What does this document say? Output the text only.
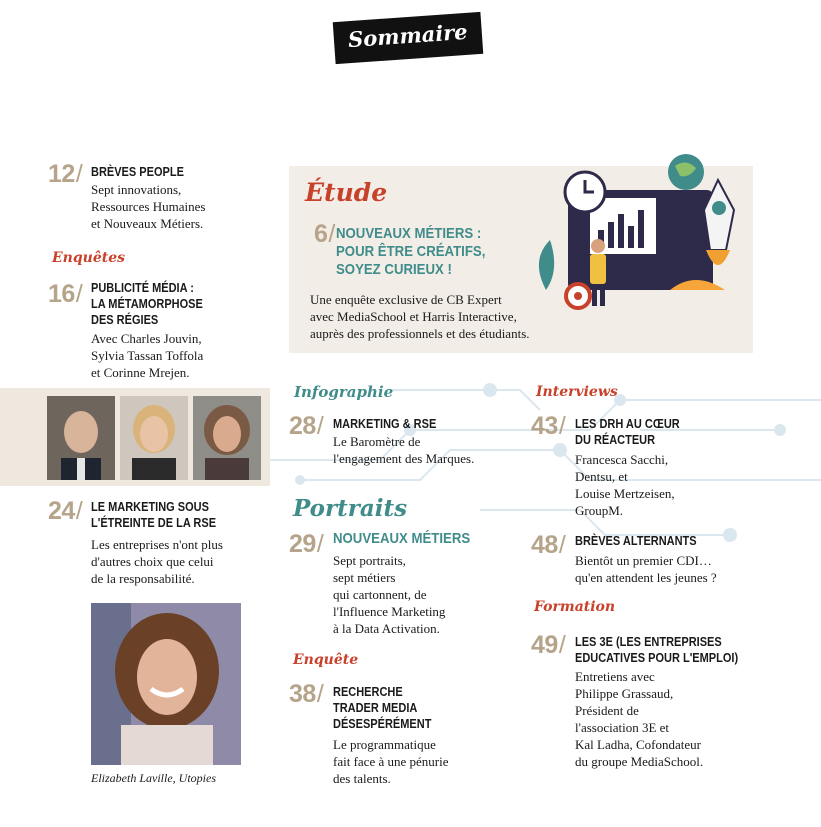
Sommaire
12/ BRÈVES PEOPLE
Sept innovations,
Ressources Humaines
et Nouveaux Métiers.
Enquêtes
16/ PUBLICITÉ MÉDIA :
LA MÉTAMORPHOSE
DES RÉGIES
Avec Charles Jouvin,
Sylvia Tassan Toffola
et Corinne Mrejen.
24/ LE MARKETING SOUS
L'ÉTREINTE DE LA RSE
Les entreprises n'ont plus
d'autres choix que celui
de la responsabilité.
Elizabeth Laville, Utopies
Étude
6/ NOUVEAUX MÉTIERS :
POUR ÊTRE CRÉATIFS,
SOYEZ CURIEUX !
Une enquête exclusive de CB Expert
avec MediaSchool et Harris Interactive,
auprès des professionnels et des étudiants.
Infographie
28/ MARKETING & RSE
Le Baromètre de
l'engagement des Marques.
Portraits
29/ NOUVEAUX MÉTIERS
Sept portraits,
sept métiers
qui cartonnent, de
l'Influence Marketing
à la Data Activation.
Enquête
38/ RECHERCHE
TRADER MEDIA
DÉSESPÉRÉMENT
Le programmatique
fait face à une pénurie
des talents.
Interviews
43/ LES DRH AU CŒUR
DU RÉACTEUR
Francesca Sacchi,
Dentsu, et
Louise Mertzeisen,
GroupM.
48/ BRÈVES ALTERNANTS
Bientôt un premier CDI…
qu'en attendent les jeunes ?
Formation
49/ LES 3E (LES ENTREPRISES
EDUCATIVES POUR L'EMPLOI)
Entretiens avec
Philippe Grassaud,
Président de
l'association 3E et
Kal Ladha, Cofondateur
du groupe MediaSchool.
